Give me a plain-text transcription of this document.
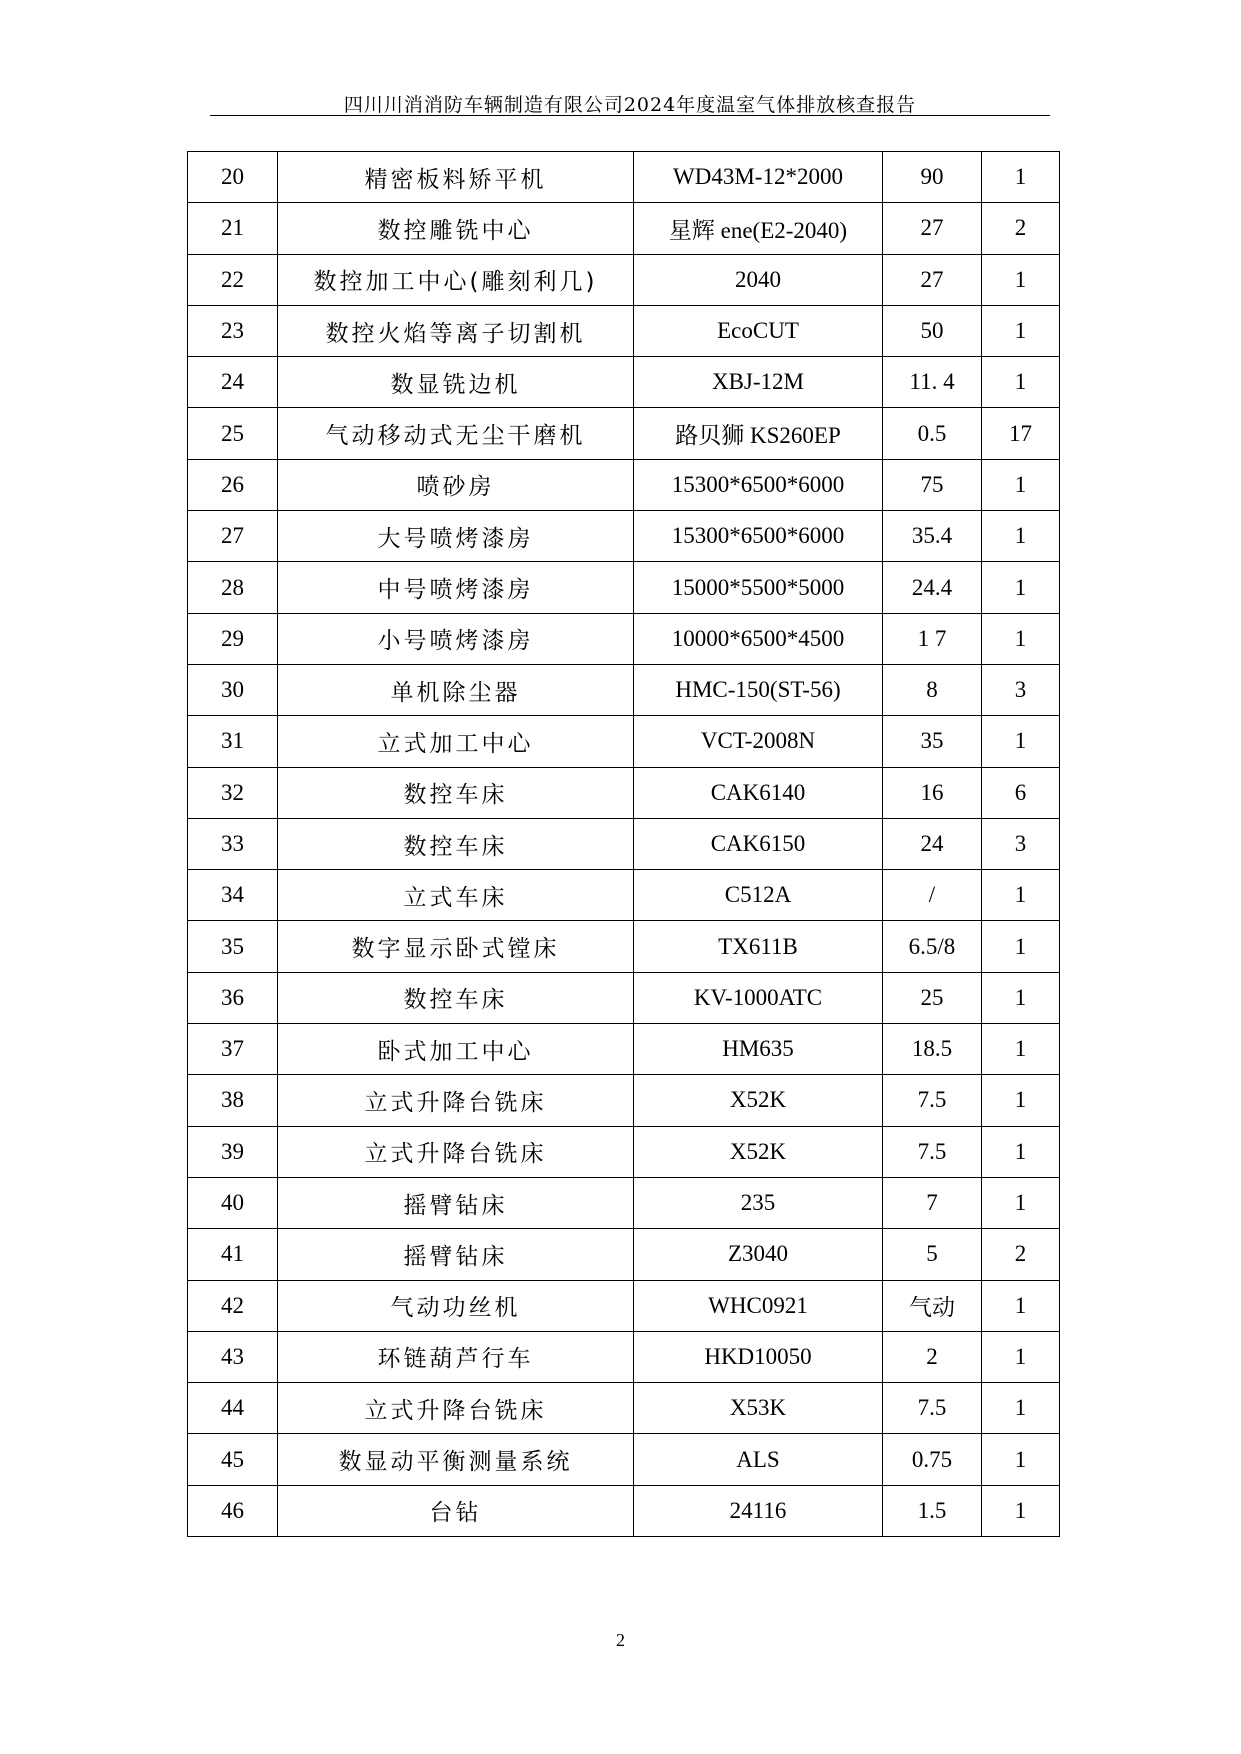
四川川消消防车辆制造有限公司2024年度温室气体排放核查报告
20	精密板料矫平机	WD43M-12*2000	90	1
21	数控雕铣中心	星辉 ene(E2-2040)	27	2
22	数控加工中心(雕刻利几)	2040	27	1
23	数控火焰等离子切割机	EcoCUT	50	1
24	数显铣边机	XBJ-12M	11. 4	1
25	气动移动式无尘干磨机	路贝狮 KS260EP	0.5	17
26	喷砂房	15300*6500*6000	75	1
27	大号喷烤漆房	15300*6500*6000	35.4	1
28	中号喷烤漆房	15000*5500*5000	24.4	1
29	小号喷烤漆房	10000*6500*4500	1 7	1
30	单机除尘器	HMC-150(ST-56)	8	3
31	立式加工中心	VCT-2008N	35	1
32	数控车床	CAK6140	16	6
33	数控车床	CAK6150	24	3
34	立式车床	C512A	/	1
35	数字显示卧式镗床	TX611B	6.5/8	1
36	数控车床	KV-1000ATC	25	1
37	卧式加工中心	HM635	18.5	1
38	立式升降台铣床	X52K	7.5	1
39	立式升降台铣床	X52K	7.5	1
40	摇臂钻床	235	7	1
41	摇臂钻床	Z3040	5	2
42	气动功丝机	WHC0921	气动	1
43	环链葫芦行车	HKD10050	2	1
44	立式升降台铣床	X53K	7.5	1
45	数显动平衡测量系统	ALS	0.75	1
46	台钻	24116	1.5	1
2
